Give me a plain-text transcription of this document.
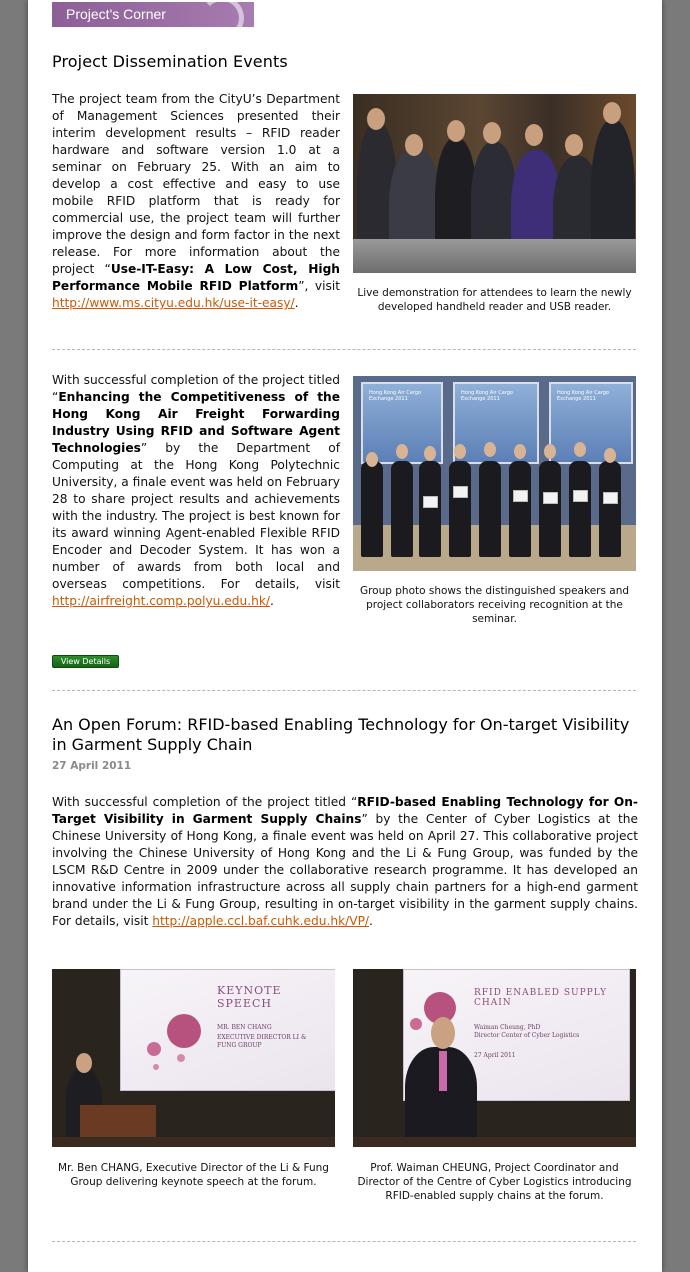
Project's Corner
Project Dissemination Events

The project team from the CityU’s Department of Management Sciences presented their interim development results – RFID reader hardware and software version 1.0 at a seminar on February 25. With an aim to develop a cost effective and easy to use mobile RFID platform that is ready for commercial use, the project team will further improve the design and form factor in the next release. For more information about the project “Use-IT-Easy: A Low Cost, High Performance Mobile RFID Platform”, visit http://www.ms.cityu.edu.hk/use-it-easy/.

Live demonstration for attendees to learn the newly developed handheld reader and USB reader.

With successful completion of the project titled “Enhancing the Competitiveness of the Hong Kong Air Freight Forwarding Industry Using RFID and Software Agent Technologies” by the Department of Computing at the Hong Kong Polytechnic University, a finale event was held on February 28 to share project results and achievements with the industry. The project is best known for its award winning Agent-enabled Flexible RFID Encoder and Decoder System. It has won a number of awards from both local and overseas competitions. For details, visit http://airfreight.comp.polyu.edu.hk/.

Hong Kong Air Cargo Exchange 2011
Hong Kong Air Cargo Exchange 2011
Hong Kong Air Cargo Exchange 2011

Group photo shows the distinguished speakers and project collaborators receiving recognition at the seminar.

View Details
An Open Forum: RFID-based Enabling Technology for On-target Visibility in Garment Supply Chain

27 April 2011

With successful completion of the project titled “RFID-based Enabling Technology for On-Target Visibility in Garment Supply Chains” by the Center of Cyber Logistics at the Chinese University of Hong Kong, a finale event was held on April 27. This collaborative project involving the Chinese University of Hong Kong and the Li & Fung Group, was funded by the LSCM R&D Centre in 2009 under the collaborative research programme. It has developed an innovative information infrastructure across all supply chain partners for a high-end garment brand under the Li & Fung Group, resulting in on-target visibility in the garment supply chains. For details, visit http://apple.ccl.baf.cuhk.edu.hk/VP/.

KEYNOTE SPEECH
MR. BEN CHANG
EXECUTIVE DIRECTOR LI & FUNG GROUP

Mr. Ben CHANG, Executive Director of the Li & Fung Group delivering keynote speech at the forum.

RFID ENABLED SUPPLY CHAIN
Waiman Cheung, PhD
Director Center of Cyber Logistics
27 April 2011

Prof. Waiman CHEUNG, Project Coordinator and Director of the Centre of Cyber Logistics introducing RFID-enabled supply chains at the forum.
